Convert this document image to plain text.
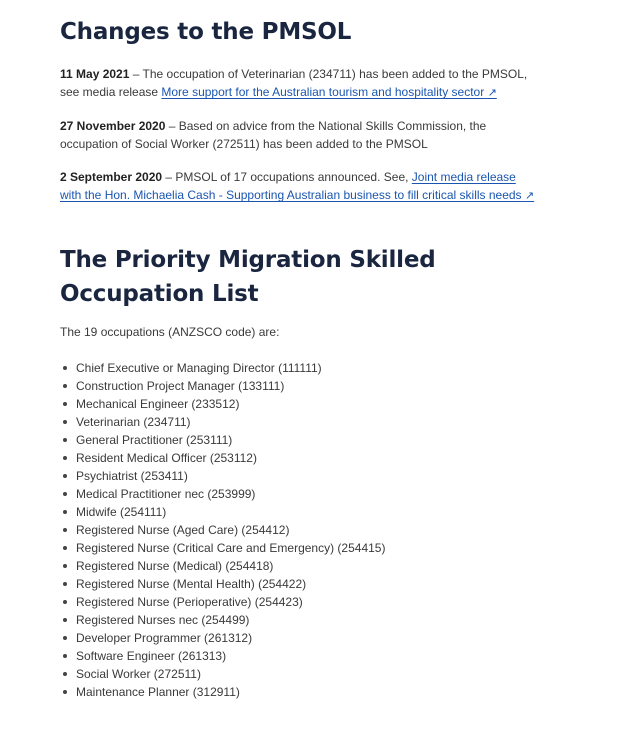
Changes to the PMSOL

11 May 2021 – The occupation of Veterinarian (234711) has been added to the PMSOL, see media release More support for the Australian tourism and hospitality sector ↗

27 November 2020 – Based on advice from the National Skills Commission, the occupation of Social Worker (272511) has been added to the PMSOL

2 September 2020 – PMSOL of 17 occupations announced. See, Joint media release with the Hon. Michaelia Cash - Supporting Australian business to fill critical skills needs ↗

The Priority Migration Skilled Occupation List

The 19 occupations (ANZSCO code) are:

Chief Executive or Managing Director (111111)
Construction Project Manager (133111)
Mechanical Engineer (233512)
Veterinarian (234711)
General Practitioner (253111)
Resident Medical Officer (253112)
Psychiatrist (253411)
Medical Practitioner nec (253999)
Midwife (254111)
Registered Nurse (Aged Care) (254412)
Registered Nurse (Critical Care and Emergency) (254415)
Registered Nurse (Medical) (254418)
Registered Nurse (Mental Health) (254422)
Registered Nurse (Perioperative) (254423)
Registered Nurses nec (254499)
Developer Programmer (261312)
Software Engineer (261313)
Social Worker (272511)
Maintenance Planner (312911)
